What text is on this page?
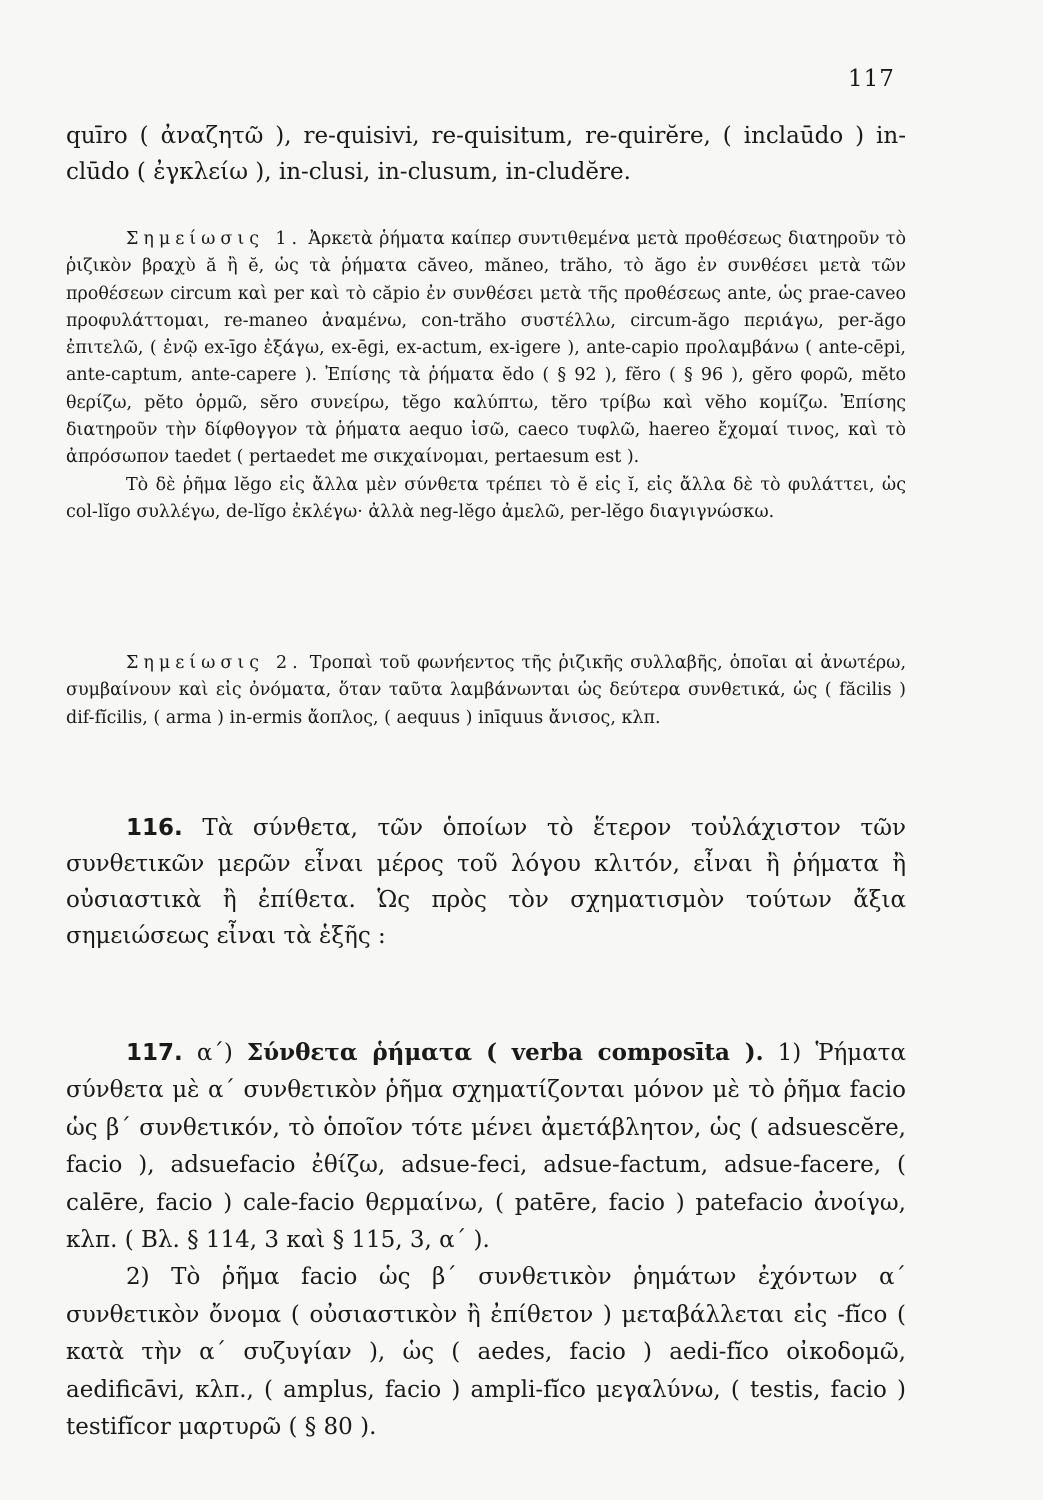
117

quīro ( ἀναζητῶ ), re-quisivi, re-quisitum, re-quirĕre, ( inclaūdo ) in-clūdo ( ἐγκλείω ), in-clusi, in-clusum, in-cludĕre.

Σημείωσις 1. Ἀρκετὰ ῥήματα καίπερ συντιθεμένα μετὰ προθέσεως διατηροῦν τὸ ῥιζικὸν βραχὺ ă ἢ ĕ, ὡς τὰ ῥήματα căveo, măneo, trăho, τὸ ăgo ἐν συνθέσει μετὰ τῶν προθέσεων circum καὶ per καὶ τὸ căpio ἐν συνθέσει μετὰ τῆς προθέσεως ante, ὡς prae-caveo προφυλάττομαι, re-maneo ἀναμένω, con-trăho συστέλλω, circum-ăgo περιάγω, per-ăgo ἐπιτελῶ, ( ἐνῷ ex-īgo ἐξάγω, ex-ēgi, ex-actum, ex-igere ), ante-capio προλαμβάνω ( ante-cēpi, ante-captum, ante-capere ). Ἐπίσης τὰ ῥήματα ĕdo ( § 92 ), fĕro ( § 96 ), gĕro φορῶ, mĕto θερίζω, pĕto ὁρμῶ, sĕro συνείρω, tĕgo καλύπτω, tĕro τρίβω καὶ vĕho κομίζω. Ἐπίσης διατηροῦν τὴν δίφθογγον τὰ ῥήματα aequo ἰσῶ, caeco τυφλῶ, haereo ἔχομαί τινος, καὶ τὸ ἀπρόσωπον taedet ( pertaedet me σικχαίνομαι, pertaesum est ).

Τὸ δὲ ῥῆμα lĕgo εἰς ἄλλα μὲν σύνθετα τρέπει τὸ ĕ εἰς ĭ, εἰς ἄλλα δὲ τὸ φυλάττει, ὡς col-lĭgo συλλέγω, de-lĭgo ἐκλέγω· ἀλλὰ neg-lĕgo ἀμελῶ, per-lĕgo διαγιγνώσκω.

Σημείωσις 2. Τροπαὶ τοῦ φωνήεντος τῆς ῥιζικῆς συλλαβῆς, ὁποῖαι αἱ ἀνωτέρω, συμβαίνουν καὶ εἰς ὀνόματα, ὅταν ταῦτα λαμβάνωνται ὡς δεύτερα συνθετικά, ὡς ( făcilis ) dif-fĭcilis, ( arma ) in-ermis ἄοπλος, ( aequus ) inīquus ἄνισος, κλπ.

116. Τὰ σύνθετα, τῶν ὁποίων τὸ ἕτερον τοὐλάχιστον τῶν συνθετικῶν μερῶν εἶναι μέρος τοῦ λόγου κλιτόν, εἶναι ἢ ῥήματα ἢ οὐσιαστικὰ ἢ ἐπίθετα. Ὡς πρὸς τὸν σχηματισμὸν τούτων ἄξια σημειώσεως εἶναι τὰ ἑξῆς :

117. α΄) Σύνθετα ῥήματα ( verba composīta ). 1) Ῥήματα σύνθετα μὲ α΄ συνθετικὸν ῥῆμα σχηματίζονται μόνον μὲ τὸ ῥῆμα facio ὡς β΄ συνθετικόν, τὸ ὁποῖον τότε μένει ἀμετάβλητον, ὡς ( adsuescĕre, facio ), adsuefacio ἐθίζω, adsue-feci, adsue-factum, adsue-facere, ( calēre, facio ) cale-facio θερμαίνω, ( patēre, facio ) patefacio ἀνοίγω, κλπ. ( Βλ. § 114, 3 καὶ § 115, 3, α΄ ).

2) Τὸ ῥῆμα facio ὡς β΄ συνθετικὸν ῥημάτων ἐχόντων α΄ συνθετικὸν ὄνομα ( οὐσιαστικὸν ἢ ἐπίθετον ) μεταβάλλεται εἰς -fĭco ( κατὰ τὴν α΄ συζυγίαν ), ὡς ( aedes, facio ) aedi-fĭco οἰκοδομῶ, aedificāvi, κλπ., ( amplus, facio ) ampli-fĭco μεγαλύνω, ( testis, facio ) testifĭcor μαρτυρῶ ( § 80 ).
